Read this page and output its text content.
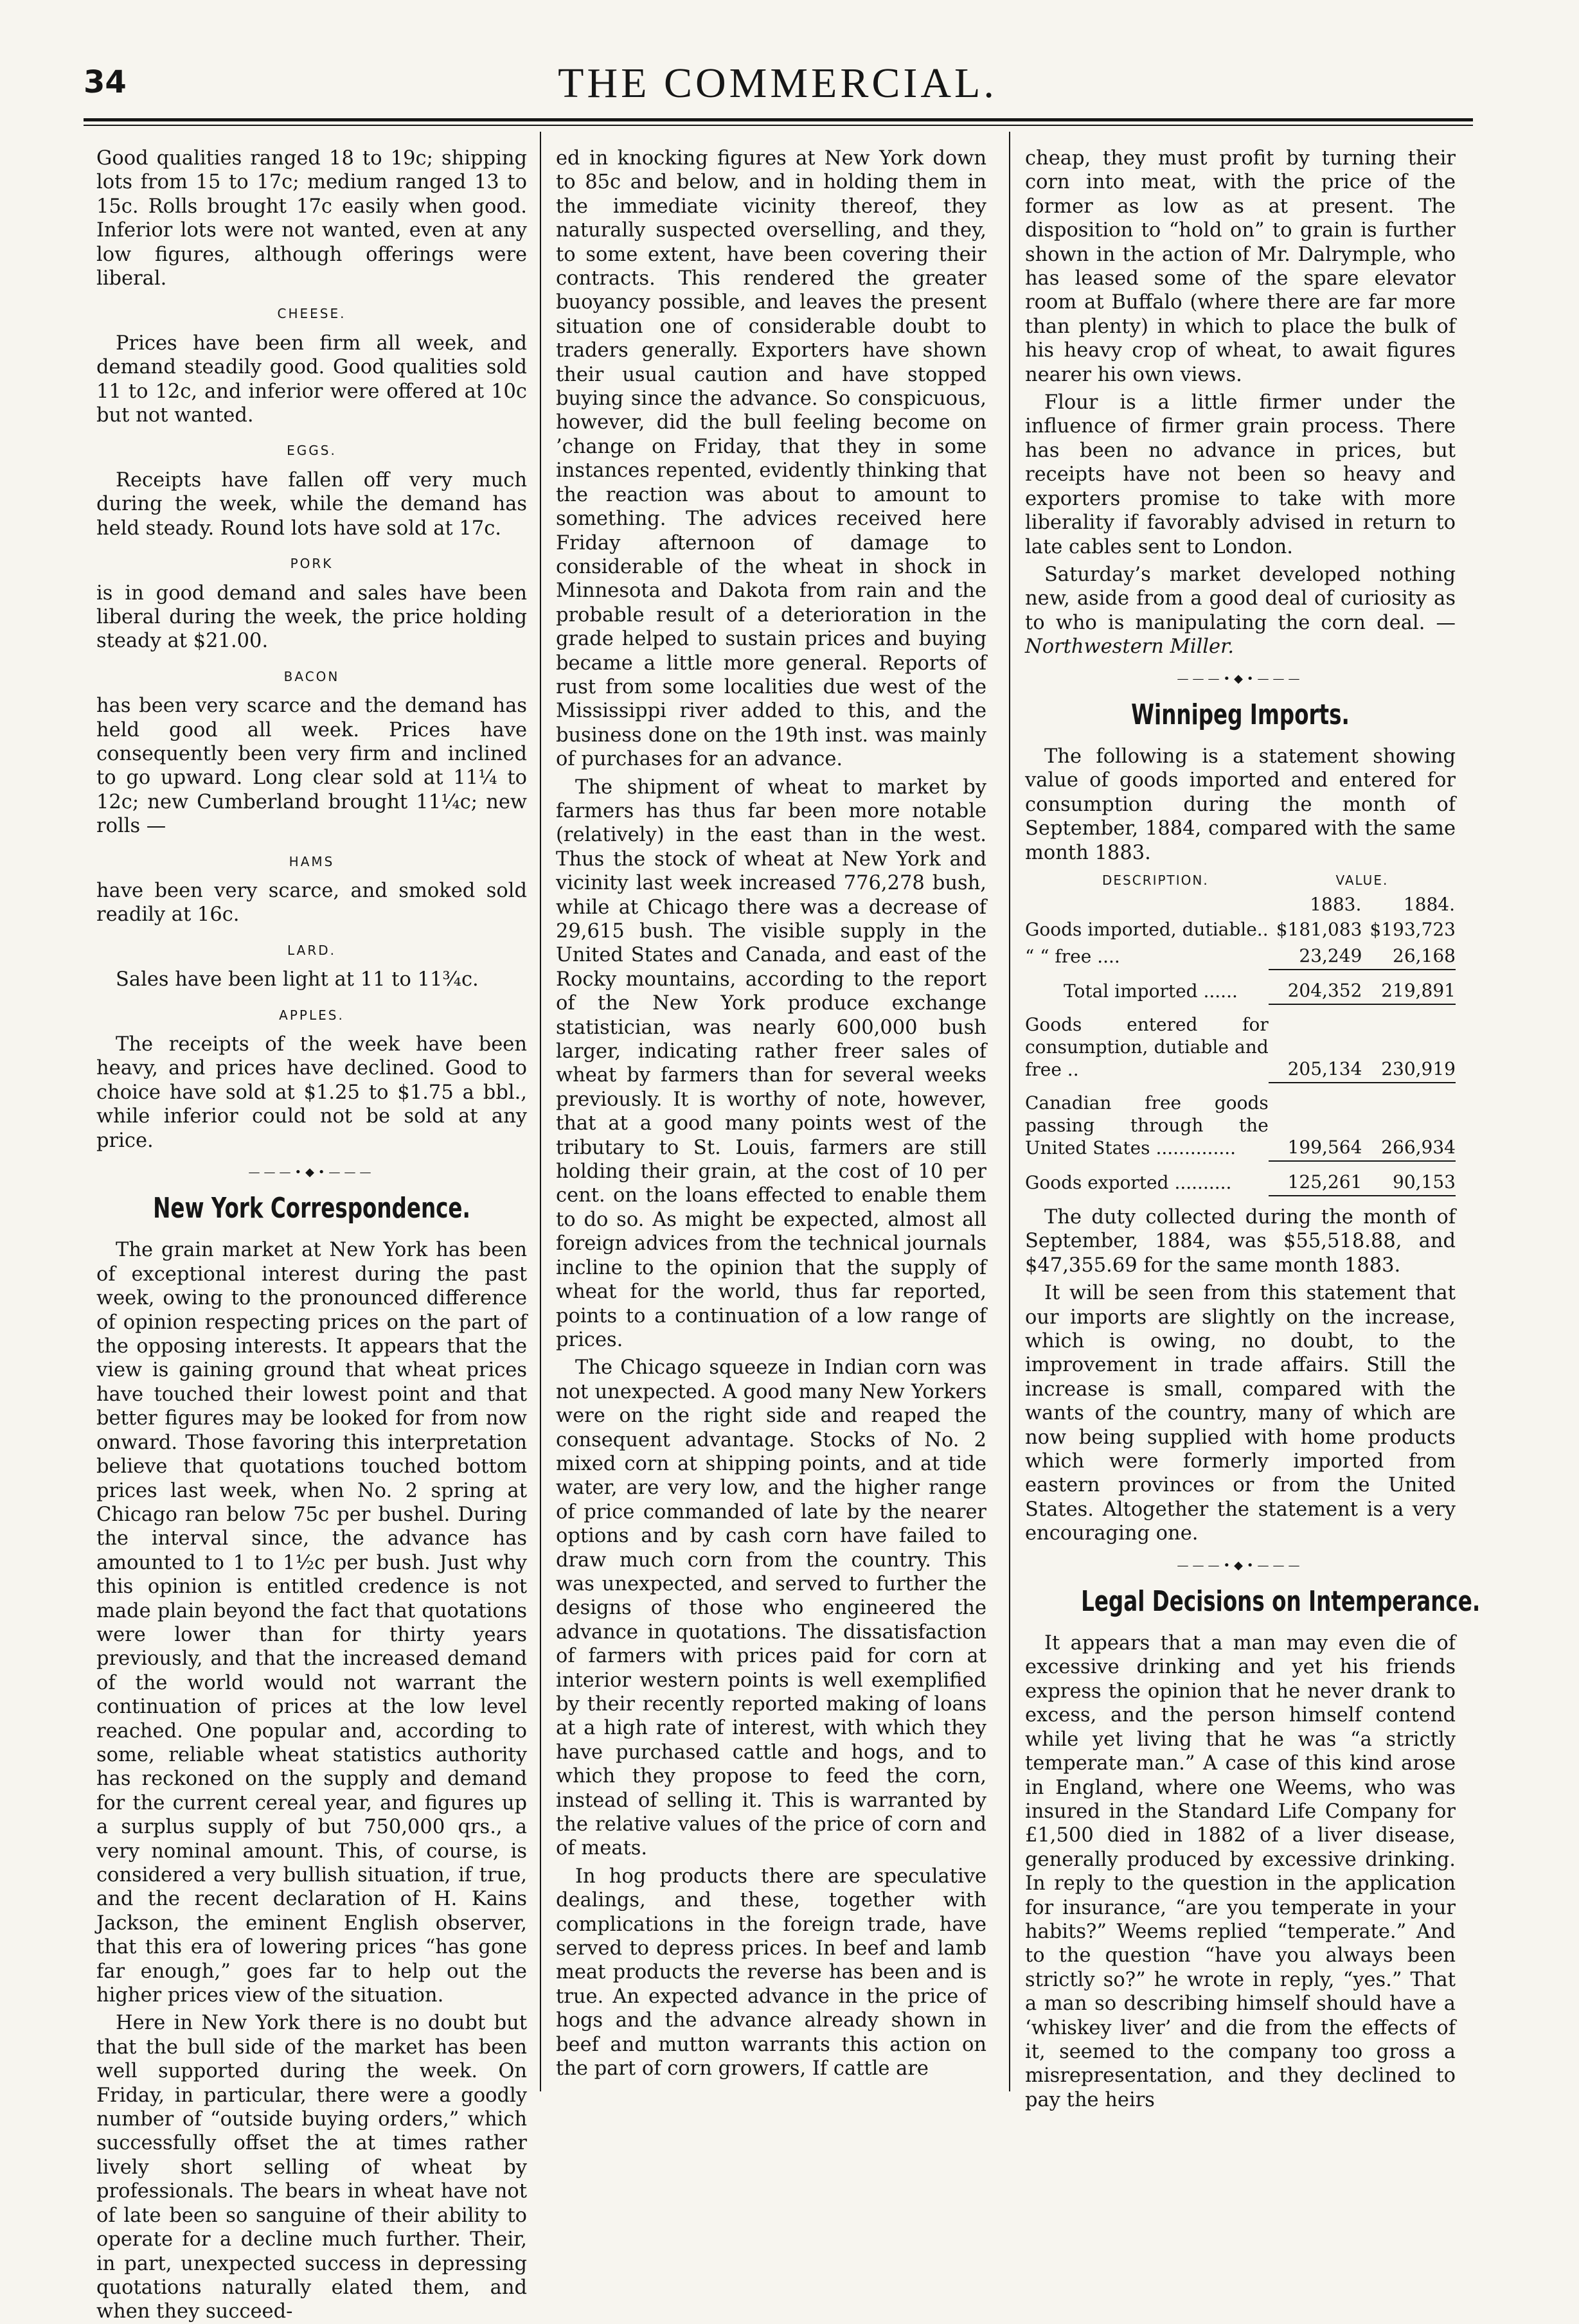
34	THE COMMERCIAL.

Good qualities ranged 18 to 19c; shipping lots from 15 to 17c; medium ranged 13 to 15c. Rolls brought 17c easily when good. Inferior lots were not wanted, even at any low figures, although offerings were liberal.

CHEESE.

Prices have been firm all week, and demand steadily good. Good qualities sold 11 to 12c, and inferior were offered at 10c but not wanted.

EGGS.

Receipts have fallen off very much during the week, while the demand has held steady. Round lots have sold at 17c.

PORK

is in good demand and sales have been liberal during the week, the price holding steady at $21.00.

BACON

has been very scarce and the demand has held good all week. Prices have consequently been very firm and inclined to go upward. Long clear sold at 11¼ to 12c; new Cumberland brought 11¼c; new rolls —

HAMS

have been very scarce, and smoked sold readily at 16c.

LARD.

Sales have been light at 11 to 11¾c.

APPLES.

The receipts of the week have been heavy, and prices have declined. Good to choice have sold at $1.25 to $1.75 a bbl., while inferior could not be sold at any price.

———•◆•———
New York Correspondence.

The grain market at New York has been of exceptional interest during the past week, owing to the pronounced difference of opinion respecting prices on the part of the opposing interests. It appears that the view is gaining ground that wheat prices have touched their lowest point and that better figures may be looked for from now onward. Those favoring this interpretation believe that quotations touched bottom prices last week, when No. 2 spring at Chicago ran below 75c per bushel. During the interval since, the advance has amounted to 1 to 1½c per bush. Just why this opinion is entitled credence is not made plain beyond the fact that quotations were lower than for thirty years previously, and that the increased demand of the world would not warrant the continuation of prices at the low level reached. One popular and, according to some, reliable wheat statistics authority has reckoned on the supply and demand for the current cereal year, and figures up a surplus supply of but 750,000 qrs., a very nominal amount. This, of course, is considered a very bullish situation, if true, and the recent declaration of H. Kains Jackson, the eminent English observer, that this era of lowering prices “has gone far enough,” goes far to help out the higher prices view of the situation.

Here in New York there is no doubt but that the bull side of the market has been well supported during the week. On Friday, in particular, there were a goodly number of “outside buying orders,” which successfully offset the at times rather lively short selling of wheat by professionals. The bears in wheat have not of late been so sanguine of their ability to operate for a decline much further. Their, in part, unexpected success in depressing quotations naturally elated them, and when they succeed-

ed in knocking figures at New York down to 85c and below, and in holding them in the immediate vicinity thereof, they naturally suspected overselling, and they, to some extent, have been covering their contracts. This rendered the greater buoyancy possible, and leaves the present situation one of considerable doubt to traders generally. Exporters have shown their usual caution and have stopped buying since the advance. So conspicuous, however, did the bull feeling become on ’change on Friday, that they in some instances repented, evidently thinking that the reaction was about to amount to something. The advices received here Friday afternoon of damage to considerable of the wheat in shock in Minnesota and Dakota from rain and the probable result of a deterioration in the grade helped to sustain prices and buying became a little more general. Reports of rust from some localities due west of the Mississippi river added to this, and the business done on the 19th inst. was mainly of purchases for an advance.

The shipment of wheat to market by farmers has thus far been more notable (relatively) in the east than in the west. Thus the stock of wheat at New York and vicinity last week increased 776,278 bush, while at Chicago there was a decrease of 29,615 bush. The visible supply in the United States and Canada, and east of the Rocky mountains, according to the report of the New York produce exchange statistician, was nearly 600,000 bush larger, indicating rather freer sales of wheat by farmers than for several weeks previously. It is worthy of note, however, that at a good many points west of the tributary to St. Louis, farmers are still holding their grain, at the cost of 10 per cent. on the loans effected to enable them to do so. As might be expected, almost all foreign advices from the technical journals incline to the opinion that the supply of wheat for the world, thus far reported, points to a continuation of a low range of prices.

The Chicago squeeze in Indian corn was not unexpected. A good many New Yorkers were on the right side and reaped the consequent advantage. Stocks of No. 2 mixed corn at shipping points, and at tide water, are very low, and the higher range of price commanded of late by the nearer options and by cash corn have failed to draw much corn from the country. This was unexpected, and served to further the designs of those who engineered the advance in quotations. The dissatisfaction of farmers with prices paid for corn at interior western points is well exemplified by their recently reported making of loans at a high rate of interest, with which they have purchased cattle and hogs, and to which they propose to feed the corn, instead of selling it. This is warranted by the relative values of the price of corn and of meats.

In hog products there are speculative dealings, and these, together with complications in the foreign trade, have served to depress prices. In beef and lamb meat products the reverse has been and is true. An expected advance in the price of hogs and the advance already shown in beef and mutton warrants this action on the part of corn growers, If cattle are

cheap, they must profit by turning their corn into meat, with the price of the former as low as at present. The disposition to “hold on” to grain is further shown in the action of Mr. Dalrymple, who has leased some of the spare elevator room at Buffalo (where there are far more than plenty) in which to place the bulk of his heavy crop of wheat, to await figures nearer his own views.

Flour is a little firmer under the influence of firmer grain process. There has been no advance in prices, but receipts have not been so heavy and exporters promise to take with more liberality if favorably advised in return to late cables sent to London.

Saturday’s market developed nothing new, aside from a good deal of curiosity as to who is manipulating the corn deal. — Northwestern Miller.

———•◆•———
Winnipeg Imports.

The following is a statement showing value of goods imported and entered for consumption during the month of September, 1884, compared with the same month 1883.

DESCRIPTION.	VALUE.	
	1883.	1884.
Goods imported, dutiable..	$181,083	$193,723
“ “ free ....	23,249	26,168
Total imported ......	204,352	219,891
Goods entered for consumption, dutiable and free ..	205,134	230,919
Canadian free goods passing through the United States ..............	199,564	266,934
Goods exported ..........	125,261	90,153

The duty collected during the month of September, 1884, was $55,518.88, and $47,355.69 for the same month 1883.

It will be seen from this statement that our imports are slightly on the increase, which is owing, no doubt, to the improvement in trade affairs. Still the increase is small, compared with the wants of the country, many of which are now being supplied with home products which were formerly imported from eastern provinces or from the United States. Altogether the statement is a very encouraging one.

———•◆•———
Legal Decisions on Intemperance.

It appears that a man may even die of excessive drinking and yet his friends express the opinion that he never drank to excess, and the person himself contend while yet living that he was “a strictly temperate man.” A case of this kind arose in England, where one Weems, who was insured in the Standard Life Company for £1,500 died in 1882 of a liver disease, generally produced by excessive drinking. In reply to the question in the application for insurance, “are you temperate in your habits?” Weems replied “temperate.” And to the question “have you always been strictly so?” he wrote in reply, “yes.” That a man so describing himself should have a ‘whiskey liver’ and die from the effects of it, seemed to the company too gross a misrepresentation, and they declined to pay the heirs
